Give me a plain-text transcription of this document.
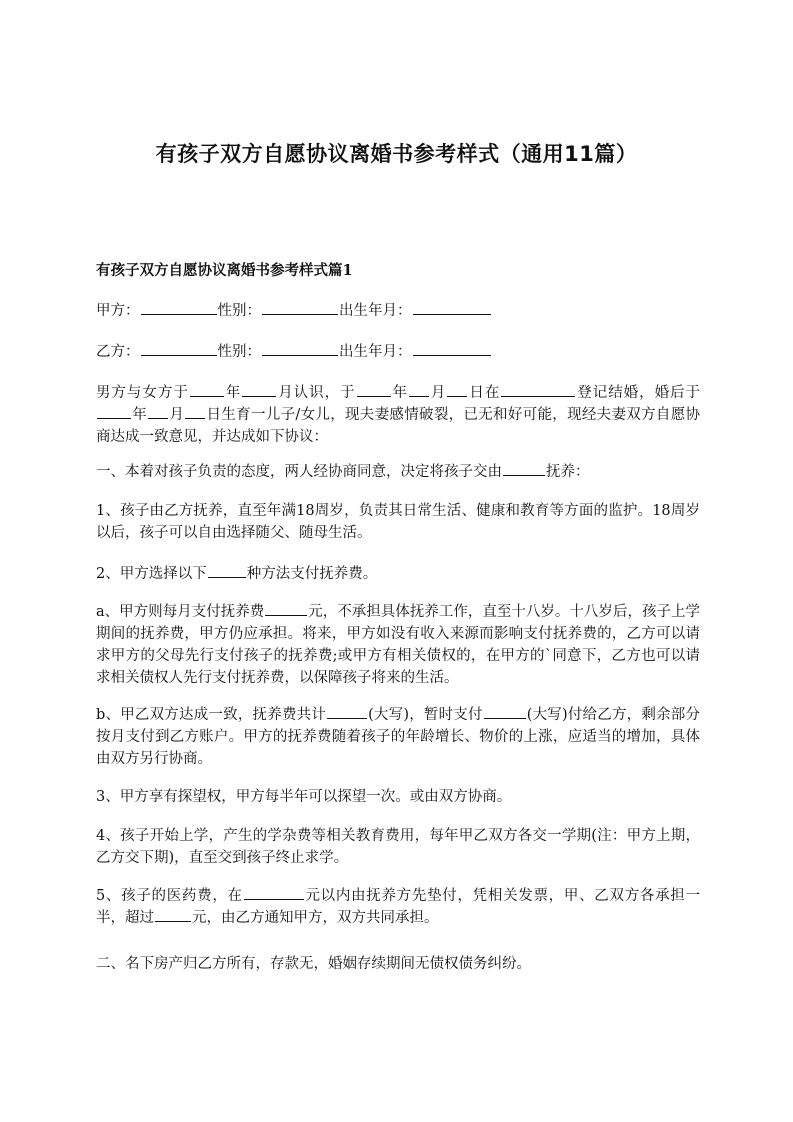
有孩子双方自愿协议离婚书参考样式（通用11篇）
有孩子双方自愿协议离婚书参考样式篇1
甲方：	性别：	出生年月：
乙方：	性别：	出生年月：
男方与女方于 年 月认识，于 年 月 日在	登记结婚，婚后于年 月 日生育一儿子/女儿，现夫妻感情破裂，已无和好可能，现经夫妻双方自愿协商达成一致意见，并达成如下协议：
一、本着对孩子负责的态度，两人经协商同意，决定将孩子交由	抚养：
1、孩子由乙方抚养，直至年满18周岁，负责其日常生活、健康和教育等方面的监护。18周岁以后，孩子可以自由选择随父、随母生活。
2、甲方选择以下	种方法支付抚养费。
a、甲方则每月支付抚养费	元，不承担具体抚养工作，直至十八岁。十八岁后，孩子上学期间的抚养费，甲方仍应承担。将来，甲方如没有收入来源而影响支付抚养费的，乙方可以请求甲方的父母先行支付孩子的抚养费;或甲方有相关债权的，在甲方的`同意下，乙方也可以请求相关债权人先行支付抚养费，以保障孩子将来的生活。
b、甲乙双方达成一致，抚养费共计	(大写)，暂时支付	(大写)付给乙方，剩余部分按月支付到乙方账户。甲方的抚养费随着孩子的年龄增长、物价的上涨，应适当的增加，具体由双方另行协商。
3、甲方享有探望权，甲方每半年可以探望一次。或由双方协商。
4、孩子开始上学，产生的学杂费等相关教育费用，每年甲乙双方各交一学期(注：甲方上期，乙方交下期)，直至交到孩子终止求学。
5、孩子的医药费，在	元以内由抚养方先垫付，凭相关发票，甲、乙双方各承担一半，超过	元，由乙方通知甲方，双方共同承担。
二、名下房产归乙方所有，存款无，婚姻存续期间无债权债务纠纷。
